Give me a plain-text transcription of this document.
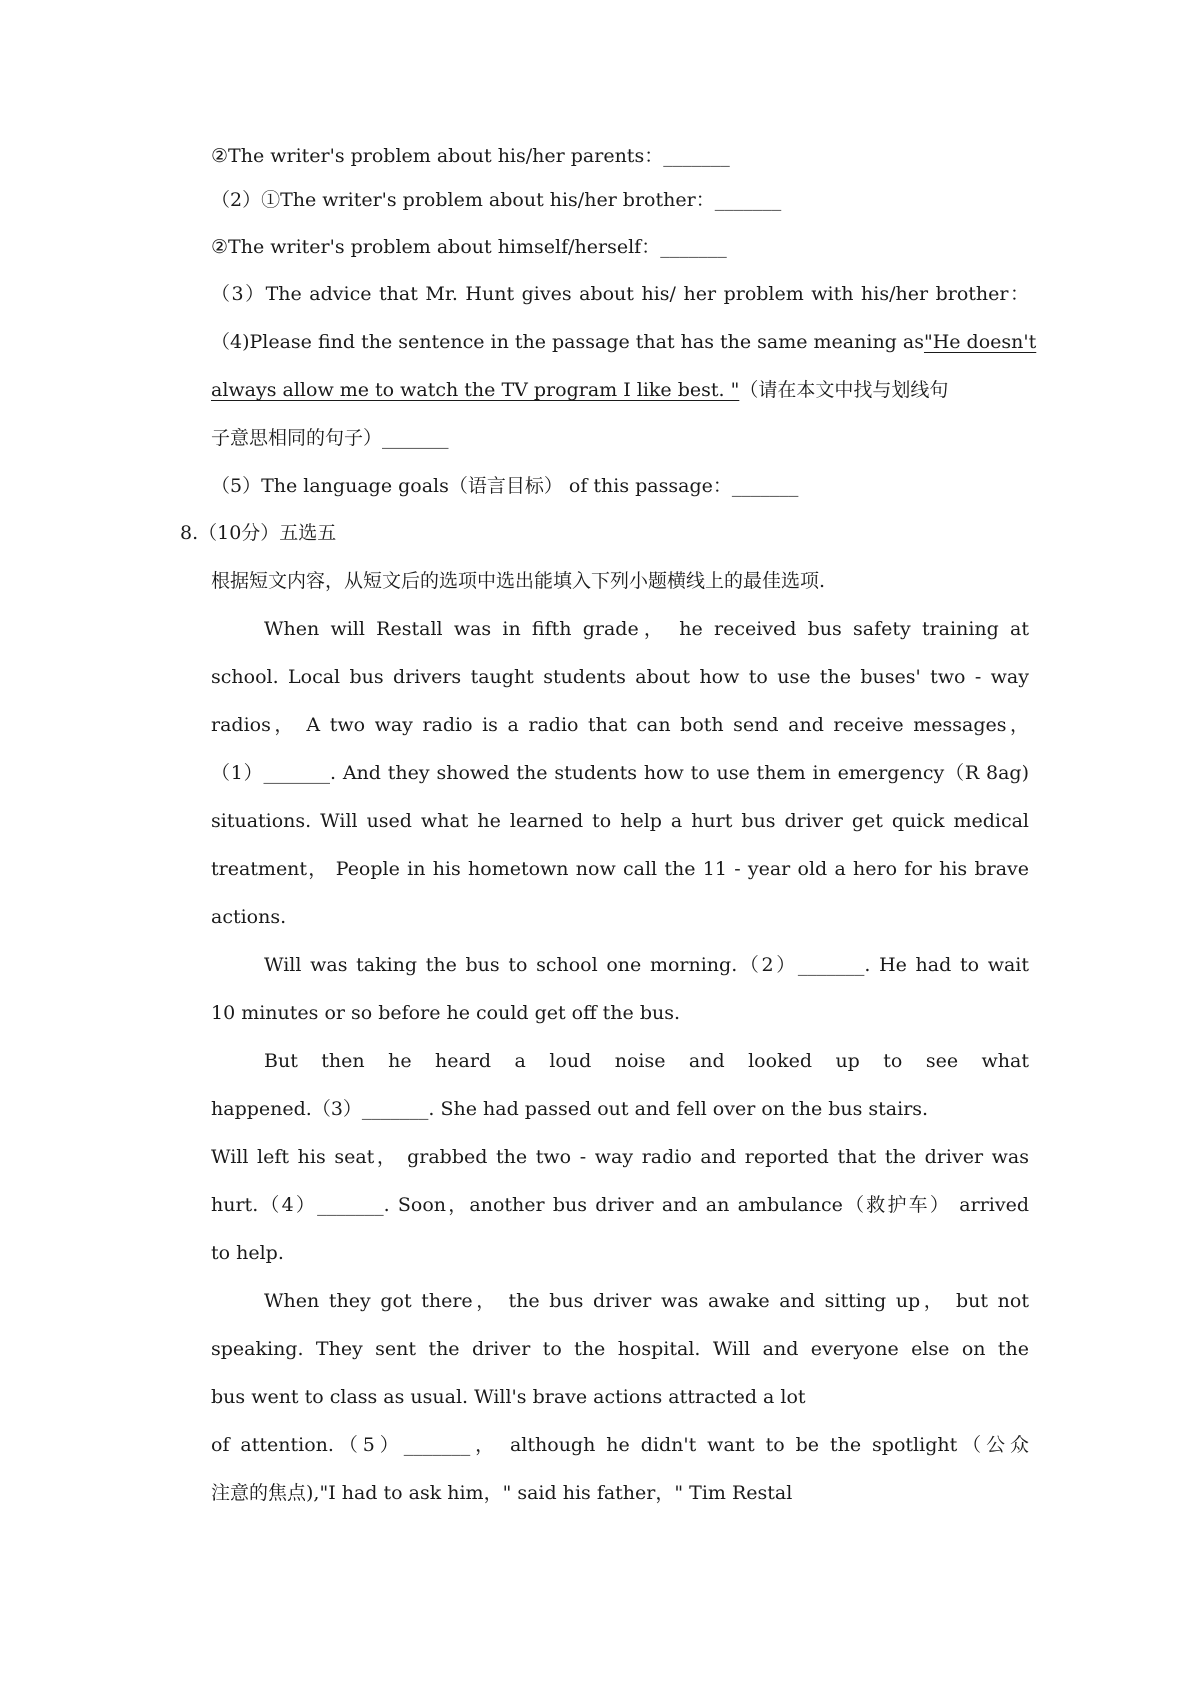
②The writer's problem about his/her parents：_______
（2）①The writer's problem about his/her brother：_______
②The writer's problem about himself/herself：_______
（3）The advice that Mr. Hunt gives about his/ her problem with his/her brother：
（4)Please find the sentence in the passage that has the same meaning as"He doesn't
always allow me to watch the TV program I like best. "（请在本文中找与划线句
子意思相同的句子）_______
（5）The language goals（语言目标） of this passage：_______
8.（10分）五选五
根据短文内容，从短文后的选项中选出能填入下列小题横线上的最佳选项.
When will Restall was in fifth grade， he received bus safety training at
school. Local bus drivers taught students about how to use the buses' two - way
radios， A two way radio is a radio that can both send and receive messages，
（1）_______. And they showed the students how to use them in emergency（R 8ag)
situations. Will used what he learned to help a hurt bus driver get quick medical
treatment， People in his hometown now call the 11 - year old a hero for his brave
actions.
Will was taking the bus to school one morning.（2）_______. He had to wait
10 minutes or so before he could get off the bus.
But then he heard a loud noise and looked up to see what
happened.（3）_______. She had passed out and fell over on the bus stairs.
Will left his seat， grabbed the two - way radio and reported that the driver was
hurt.（4）_______. Soon，another bus driver and an ambulance（救护车） arrived
to help.
When they got there， the bus driver was awake and sitting up， but not
speaking. They sent the driver to the hospital. Will and everyone else on the
bus went to class as usual. Will's brave actions attracted a lot
of attention.（5）_______， although he didn't want to be the spotlight（公众
注意的焦点),"I had to ask him，" said his father，" Tim Restal
